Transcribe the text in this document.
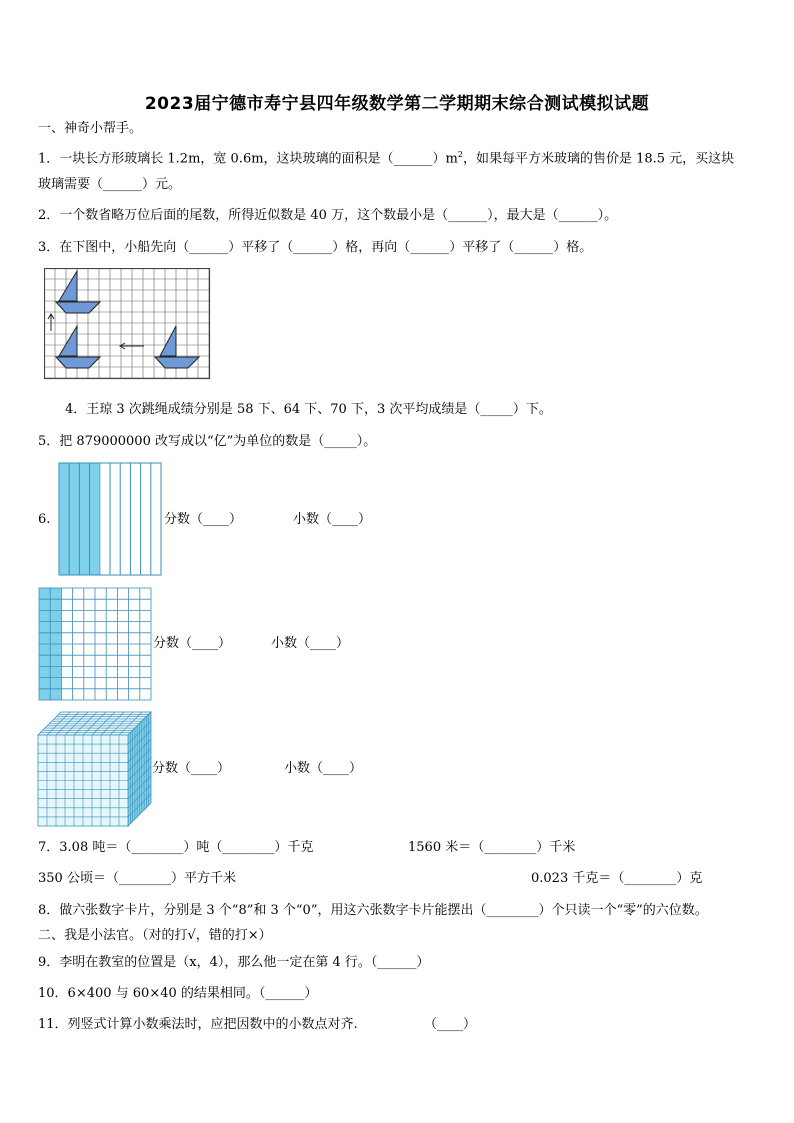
2023届宁德市寿宁县四年级数学第二学期期末综合测试模拟试题
一、神奇小帮手。
1．一块长方形玻璃长 1.2m，宽 0.6m，这块玻璃的面积是$(\_\_\_\_\_\_)m^2$，如果每平方米玻璃的售价是 18.5 元，买这块
玻璃需要（______）元。
2．一个数省略万位后面的尾数，所得近似数是 40 万，这个数最小是（______），最大是（______）。
3．在下图中，小船先向（______）平移了（______）格，再向（______）平移了（______）格。
4．王琼 3 次跳绳成绩分别是 58 下、64 下、70 下，3 次平均成绩是（_____）下。
5．把 879000000 改写成以“亿”为单位的数是（_____）。
6.	分数（____）	小数（____）
分数（____）	小数（____）
分数（____）	小数（____）
7．3.08 吨＝（________）吨（________）千克	1560 米＝（________）千米
350 公顷＝（________）平方千米	0.023 千克＝（________）克
8．做六张数字卡片，分别是 3 个“8”和 3 个“0”，用这六张数字卡片能摆出（________）个只读一个“零”的六位数。
二、我是小法官。（对的打√，错的打×）
9．李明在教室的位置是（x，4），那么他一定在第 4 行。（______）
10．6×400 与 60×40 的结果相同。（______）
11．列竖式计算小数乘法时，应把因数中的小数点对齐.	（____）
